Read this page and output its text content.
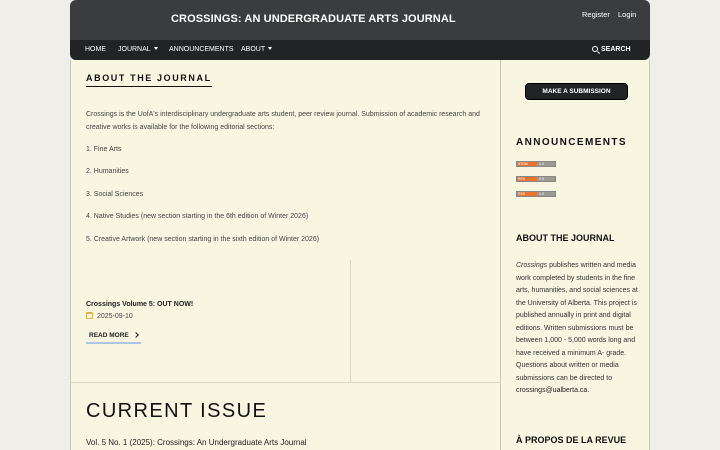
CROSSINGS: AN UNDERGRADUATE ARTS JOURNAL	Register Login
HOME JOURNAL	ANNOUNCEMENTS ABOUT	SEARCH
ABOUT THE JOURNAL
Crossings is the UofA's interdisciplinary undergraduate arts student, peer review journal. Submission of academic research and creative works is available for the following editorial sections:
1. Fine Arts
2. Humanities
3. Social Sciences
4. Native Studies (new section starting in the 6th edition of Winter 2026)
5. Creative Artwork (new section starting in the sixth edition of Winter 2026)
Crossings Volume 5: OUT NOW!
2025-09-10
READ MORE
CURRENT ISSUE
Vol. 5 No. 1 (2025): Crossings: An Undergraduate Arts Journal
MAKE A SUBMISSION
ANNOUNCEMENTS
ATOM	1.0
RSS	2.0
RSS	1.0
ABOUT THE JOURNAL
Crossings publishes written and media work completed by students in the fine arts, humanities, and social sciences at the University of Alberta. This project is published annually in print and digital editions. Written submissions must be between 1,000 - 5,000 words long and have received a minimum A- grade. Questions about written or media submissions can be directed to crossings@ualberta.ca.
À PROPOS DE LA REVUE
